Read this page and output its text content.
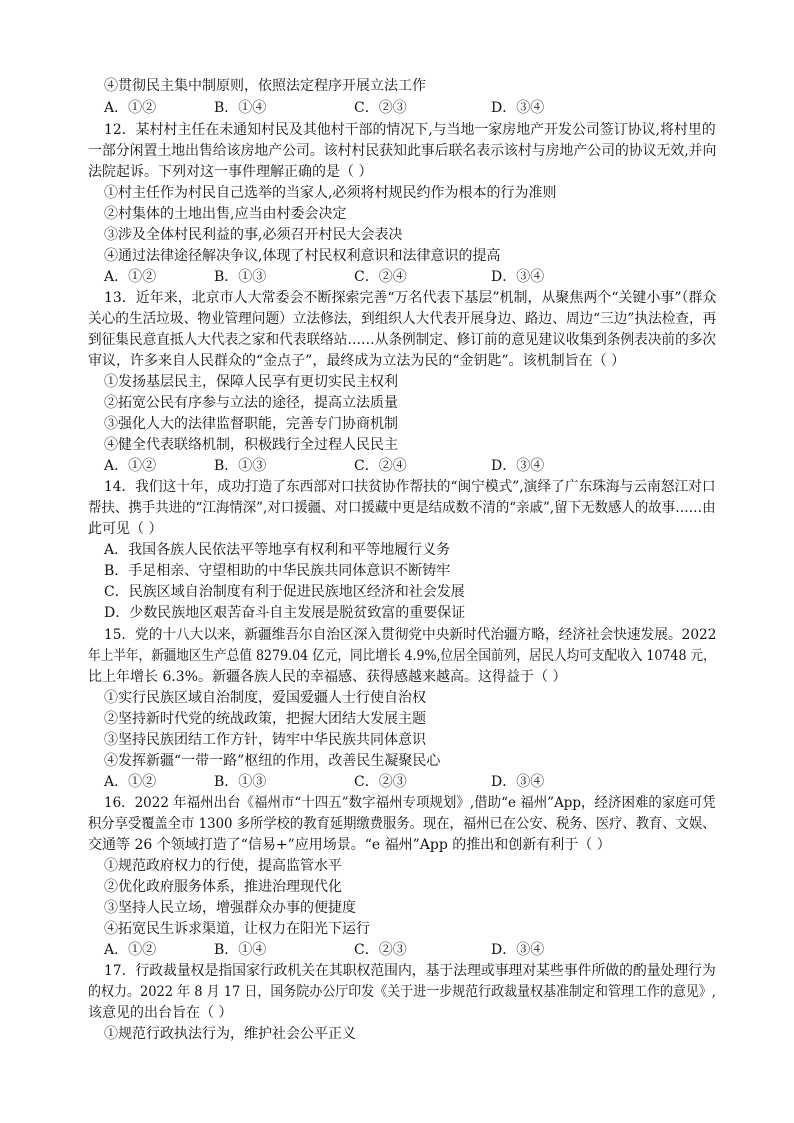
④贯彻民主集中制原则，依照法定程序开展立法工作
A．①②	B．①④	C．②③	D．③④
12．某村村主任在未通知村民及其他村干部的情况下,与当地一家房地产开发公司签订协议,将村里的
一部分闲置土地出售给该房地产公司。该村村民获知此事后联名表示该村与房地产公司的协议无效,并向
法院起诉。下列对这一事件理解正确的是（ ）
①村主任作为村民自己选举的当家人,必须将村规民约作为根本的行为准则
②村集体的土地出售,应当由村委会决定
③涉及全体村民利益的事,必须召开村民大会表决
④通过法律途径解决争议,体现了村民权利意识和法律意识的提高
A．①②	B．①③	C．②④	D．③④
13．近年来，北京市人大常委会不断探索完善“万名代表下基层”机制，从聚焦两个“关键小事”（群众
关心的生活垃圾、物业管理问题）立法修法，到组织人大代表开展身边、路边、周边“三边”执法检查，再
到征集民意直抵人大代表之家和代表联络站……从条例制定、修订前的意见建议收集到条例表决前的多次
审议，许多来自人民群众的“金点子”，最终成为立法为民的“金钥匙”。该机制旨在（ ）
①发扬基层民主，保障人民享有更切实民主权利
②拓宽公民有序参与立法的途径，提高立法质量
③强化人大的法律监督职能，完善专门协商机制
④健全代表联络机制，积极践行全过程人民民主
A．①②	B．①③	C．②④	D．③④
14．我们这十年，成功打造了东西部对口扶贫协作帮扶的“闽宁模式”,演绎了广东珠海与云南怒江对口
帮扶、携手共进的“江海情深”,对口援疆、对口援藏中更是结成数不清的“亲戚”,留下无数感人的故事……由
此可见（ ）
A．我国各族人民依法平等地享有权利和平等地履行义务
B．手足相亲、守望相助的中华民族共同体意识不断铸牢
C．民族区域自治制度有利于促进民族地区经济和社会发展
D．少数民族地区艰苦奋斗自主发展是脱贫致富的重要保证
15．党的十八大以来，新疆维吾尔自治区深入贯彻党中央新时代治疆方略，经济社会快速发展。2022
年上半年，新疆地区生产总值 8279.04 亿元，同比增长 4.9%,位居全国前列，居民人均可支配收入 10748 元，
比上年增长 6.3%。新疆各族人民的幸福感、获得感越来越高。这得益于（ ）
①实行民族区域自治制度，爱国爱疆人士行使自治权
②坚持新时代党的统战政策，把握大团结大发展主题
③坚持民族团结工作方针，铸牢中华民族共同体意识
④发挥新疆“一带一路”枢纽的作用，改善民生凝聚民心
A．①②	B．①③	C．②③	D．③④
16．2022 年福州出台《福州市“十四五”数字福州专项规划》,借助“e 福州”App，经济困难的家庭可凭
积分享受覆盖全市 1300 多所学校的教育延期缴费服务。现在，福州已在公安、税务、医疗、教育、文娱、
交通等 26 个领域打造了“信易+”应用场景。“e 福州”App 的推出和创新有利于（ ）
①规范政府权力的行使，提高监管水平
②优化政府服务体系，推进治理现代化
③坚持人民立场，增强群众办事的便捷度
④拓宽民生诉求渠道，让权力在阳光下运行
A．①②	B．①④	C．②③	D．③④
17．行政裁量权是指国家行政机关在其职权范围内，基于法理或事理对某些事件所做的酌量处理行为
的权力。2022 年 8 月 17 日，国务院办公厅印发《关于进一步规范行政裁量权基准制定和管理工作的意见》,
该意见的出台旨在（ ）
①规范行政执法行为，维护社会公平正义
